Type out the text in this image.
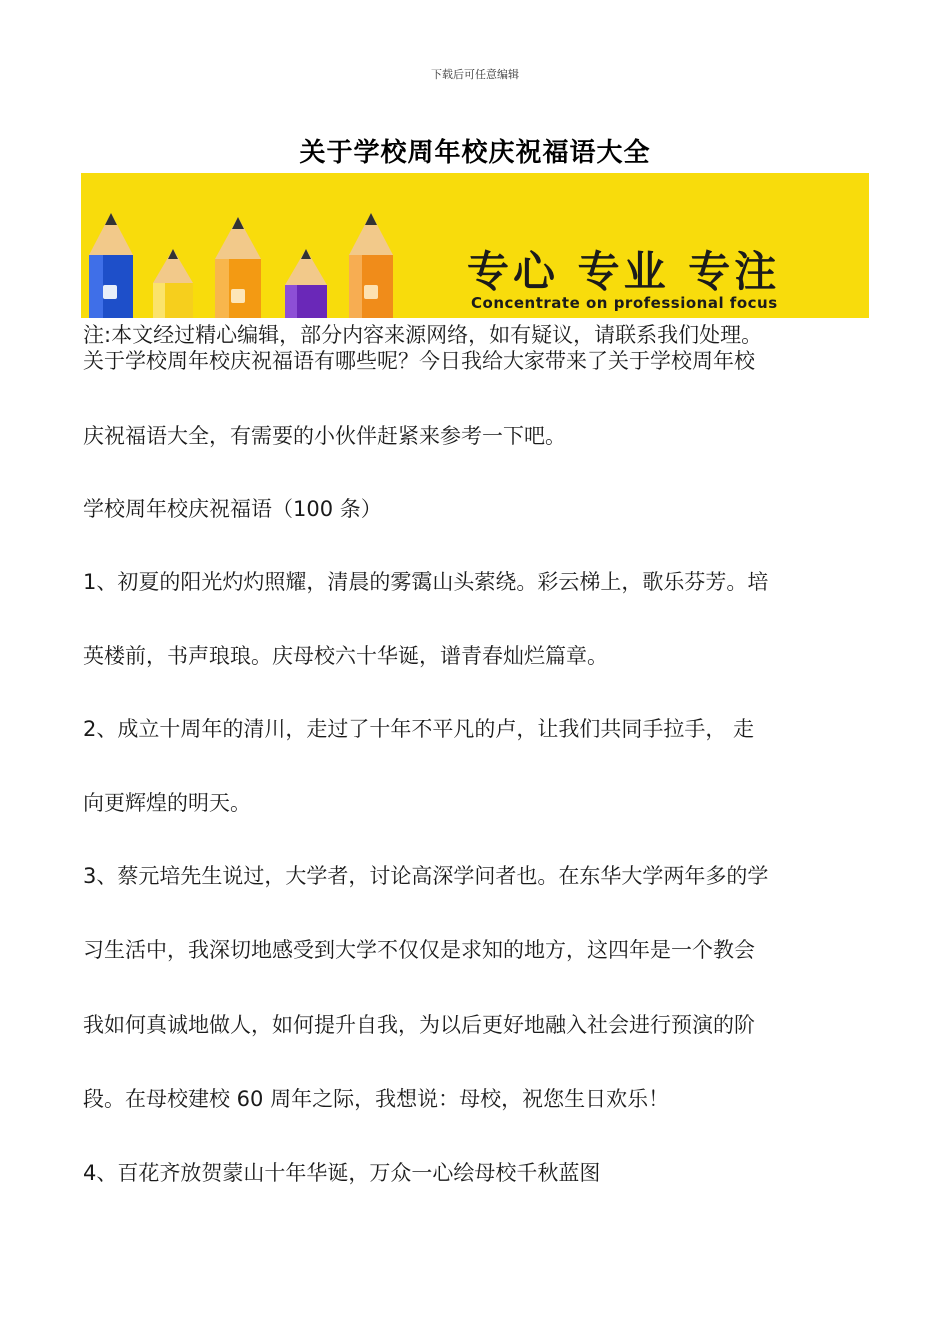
下载后可任意编辑
关于学校周年校庆祝福语大全
专心 专业 专注
Concentrate on professional focus
注:本文经过精心编辑，部分内容来源网络，如有疑议，请联系我们处理。
关于学校周年校庆祝福语有哪些呢？今日我给大家带来了关于学校周年校
庆祝福语大全，有需要的小伙伴赶紧来参考一下吧。
学校周年校庆祝福语（100 条）
1、初夏的阳光灼灼照耀，清晨的雾霭山头萦绕。彩云梯上，歌乐芬芳。培
英楼前，书声琅琅。庆母校六十华诞，谱青春灿烂篇章。
2、成立十周年的清川，走过了十年不平凡的卢，让我们共同手拉手， 走
向更辉煌的明天。
3、蔡元培先生说过，大学者，讨论高深学问者也。在东华大学两年多的学
习生活中，我深切地感受到大学不仅仅是求知的地方，这四年是一个教会
我如何真诚地做人，如何提升自我，为以后更好地融入社会进行预演的阶
段。在母校建校 60 周年之际，我想说：母校，祝您生日欢乐！
4、百花齐放贺蒙山十年华诞，万众一心绘母校千秋蓝图
